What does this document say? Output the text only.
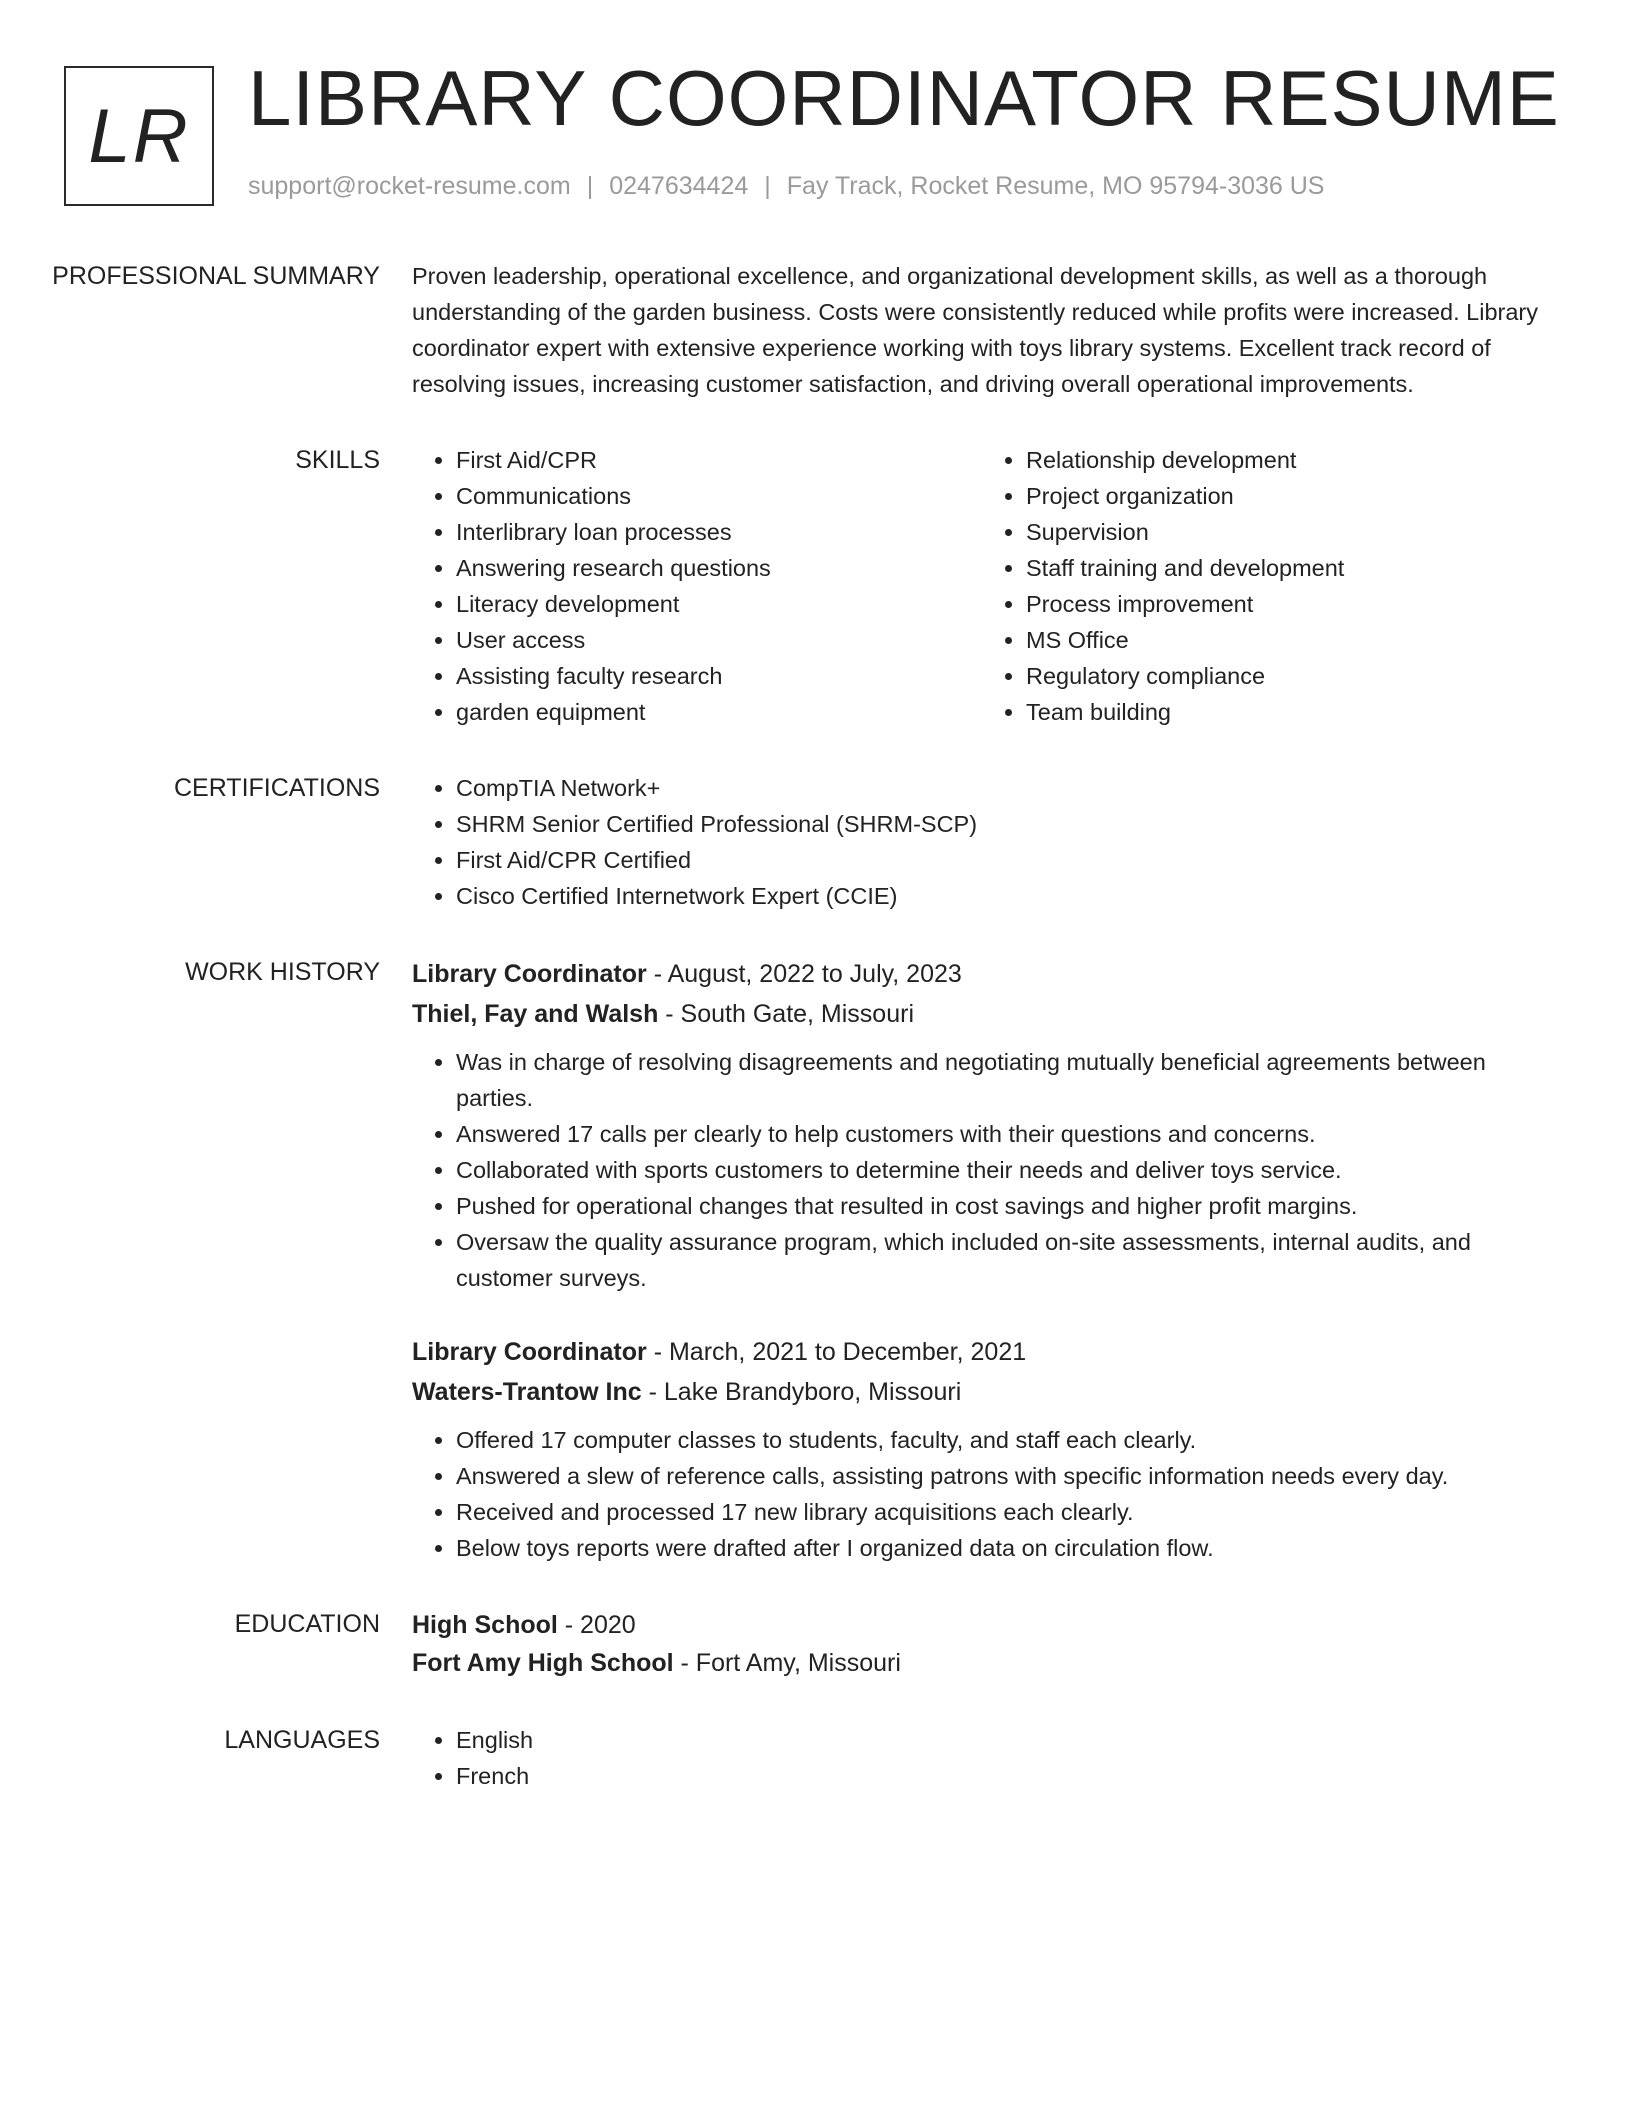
LR LIBRARY COORDINATOR RESUME
support@rocket-resume.com | 0247634424 | Fay Track, Rocket Resume, MO 95794-3036 US
PROFESSIONAL SUMMARY	Proven leadership, operational excellence, and organizational development skills, as well as a thorough understanding of the garden business. Costs were consistently reduced while profits were increased. Library coordinator expert with extensive experience working with toys library systems. Excellent track record of resolving issues, increasing customer satisfaction, and driving overall operational improvements.

SKILLS	• First Aid/CPR
• Communications
• Interlibrary loan processes
• Answering research questions
• Literacy development
• User access
• Assisting faculty research
• garden equipment
• Relationship development
• Project organization
• Supervision
• Staff training and development
• Process improvement
• MS Office
• Regulatory compliance
• Team building
CERTIFICATIONS	• CompTIA Network+
• SHRM Senior Certified Professional (SHRM-SCP)
• First Aid/CPR Certified
• Cisco Certified Internetwork Expert (CCIE)
WORK HISTORY	Library Coordinator - August, 2022 to July, 2023
Thiel, Fay and Walsh - South Gate, Missouri
• Was in charge of resolving disagreements and negotiating mutually beneficial agreements between parties.
• Answered 17 calls per clearly to help customers with their questions and concerns.
• Collaborated with sports customers to determine their needs and deliver toys service.
• Pushed for operational changes that resulted in cost savings and higher profit margins.
• Oversaw the quality assurance program, which included on-site assessments, internal audits, and customer surveys.
Library Coordinator - March, 2021 to December, 2021
Waters-Trantow Inc - Lake Brandyboro, Missouri
• Offered 17 computer classes to students, faculty, and staff each clearly.
• Answered a slew of reference calls, assisting patrons with specific information needs every day.
• Received and processed 17 new library acquisitions each clearly.
• Below toys reports were drafted after I organized data on circulation flow.
EDUCATION	High School - 2020
Fort Amy High School - Fort Amy, Missouri
LANGUAGES	• English
• French
